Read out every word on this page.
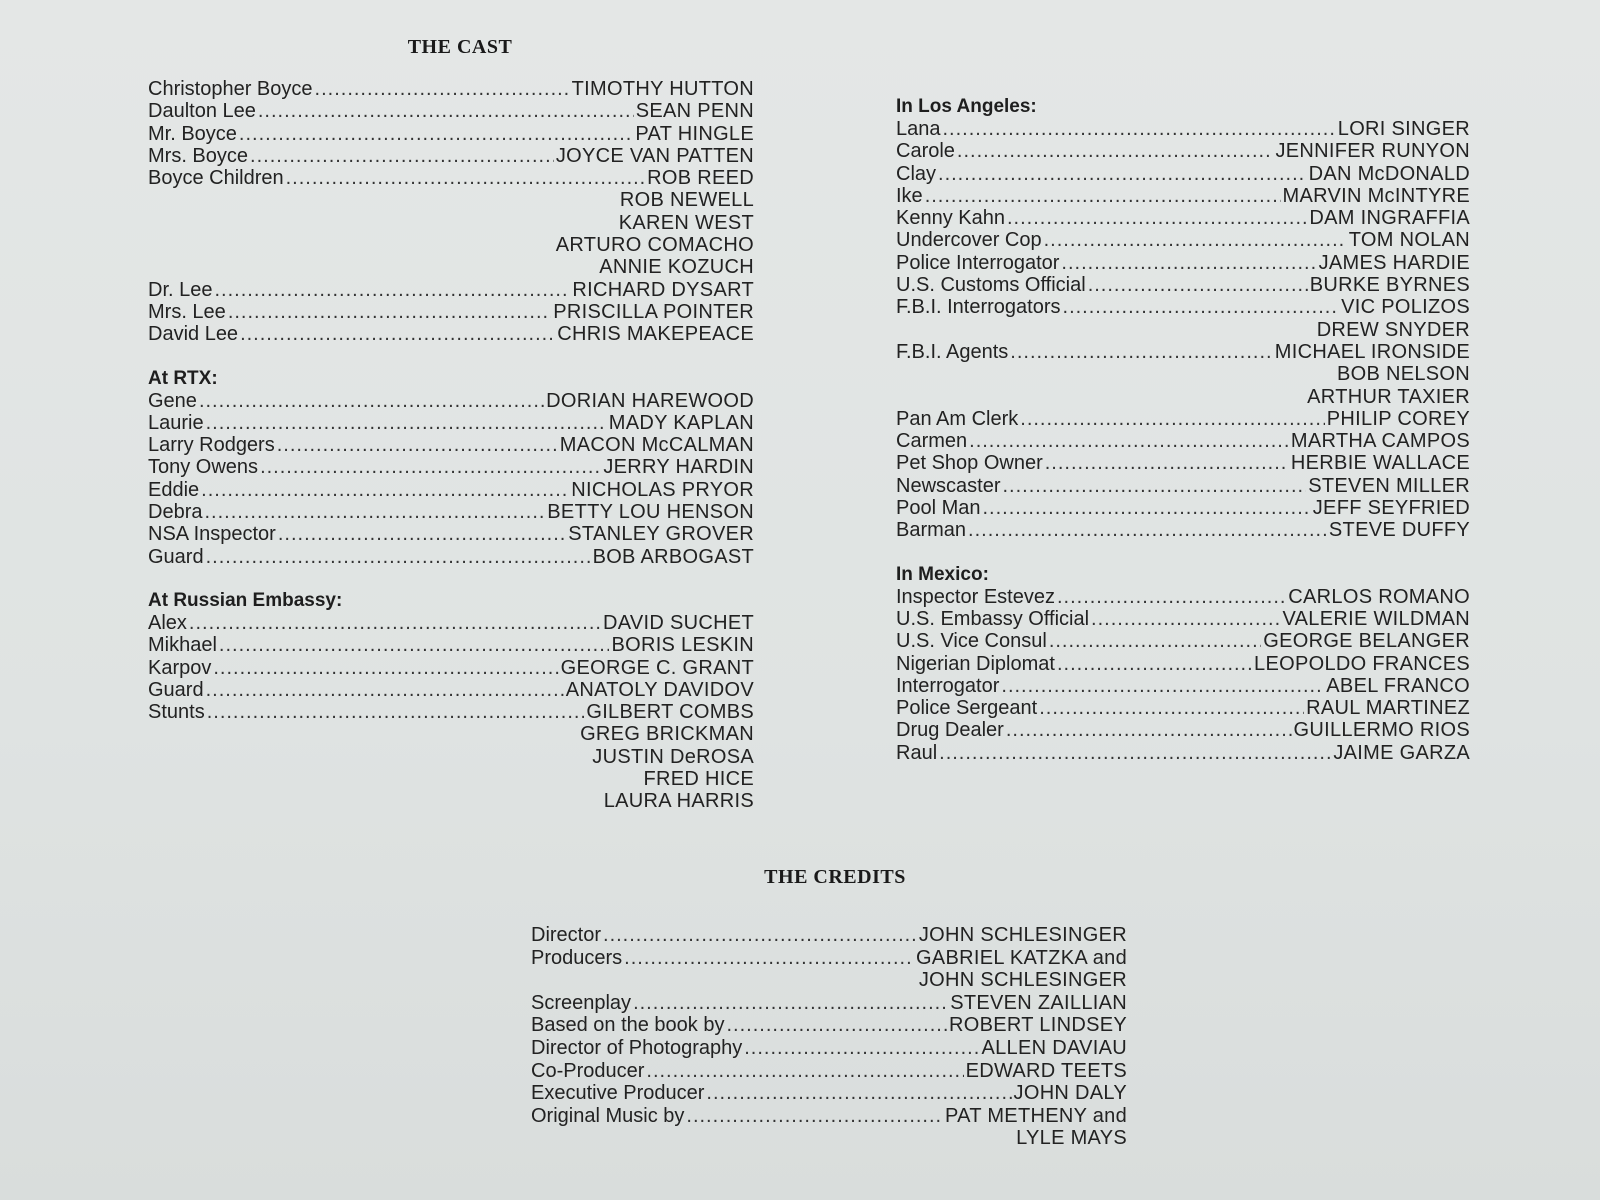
THE CAST
Christopher Boyce .....	TIMOTHY HUTTON
Daulton Lee .....	SEAN PENN
Mr. Boyce .....	PAT HINGLE
Mrs. Boyce .....	JOYCE VAN PATTEN
Boyce Children .....	ROB REED
ROB NEWELL
KAREN WEST
ARTURO COMACHO
ANNIE KOZUCH
Dr. Lee .....	RICHARD DYSART
Mrs. Lee .....	PRISCILLA POINTER
David Lee .....	CHRIS MAKEPEACE
At RTX:
Gene .....	DORIAN HAREWOOD
Laurie .....	MADY KAPLAN
Larry Rodgers .....	MACON McCALMAN
Tony Owens .....	JERRY HARDIN
Eddie .....	NICHOLAS PRYOR
Debra .....	BETTY LOU HENSON
NSA Inspector .....	STANLEY GROVER
Guard .....	BOB ARBOGAST
At Russian Embassy:
Alex .....	DAVID SUCHET
Mikhael .....	BORIS LESKIN
Karpov .....	GEORGE C. GRANT
Guard .....	ANATOLY DAVIDOV
Stunts .....	GILBERT COMBS
GREG BRICKMAN
JUSTIN DeROSA
FRED HICE
LAURA HARRIS
In Los Angeles:
Lana .....	LORI SINGER
Carole .....	JENNIFER RUNYON
Clay .....	DAN McDONALD
Ike .....	MARVIN McINTYRE
Kenny Kahn .....	DAM INGRAFFIA
Undercover Cop .....	TOM NOLAN
Police Interrogator .....	JAMES HARDIE
U.S. Customs Official .....	BURKE BYRNES
F.B.I. Interrogators .....	VIC POLIZOS
DREW SNYDER
F.B.I. Agents .....	MICHAEL IRONSIDE
BOB NELSON
ARTHUR TAXIER
Pan Am Clerk .....	PHILIP COREY
Carmen .....	MARTHA CAMPOS
Pet Shop Owner .....	HERBIE WALLACE
Newscaster .....	STEVEN MILLER
Pool Man .....	JEFF SEYFRIED
Barman .....	STEVE DUFFY
In Mexico:
Inspector Estevez .....	CARLOS ROMANO
U.S. Embassy Official .....	VALERIE WILDMAN
U.S. Vice Consul .....	GEORGE BELANGER
Nigerian Diplomat .....	LEOPOLDO FRANCES
Interrogator .....	ABEL FRANCO
Police Sergeant .....	RAUL MARTINEZ
Drug Dealer .....	GUILLERMO RIOS
Raul .....	JAIME GARZA
THE CREDITS
Director .....	JOHN SCHLESINGER
Producers .....	GABRIEL KATZKA and
JOHN SCHLESINGER
Screenplay .....	STEVEN ZAILLIAN
Based on the book by .....	ROBERT LINDSEY
Director of Photography .....	ALLEN DAVIAU
Co-Producer .....	EDWARD TEETS
Executive Producer .....	JOHN DALY
Original Music by .....	PAT METHENY and
LYLE MAYS
